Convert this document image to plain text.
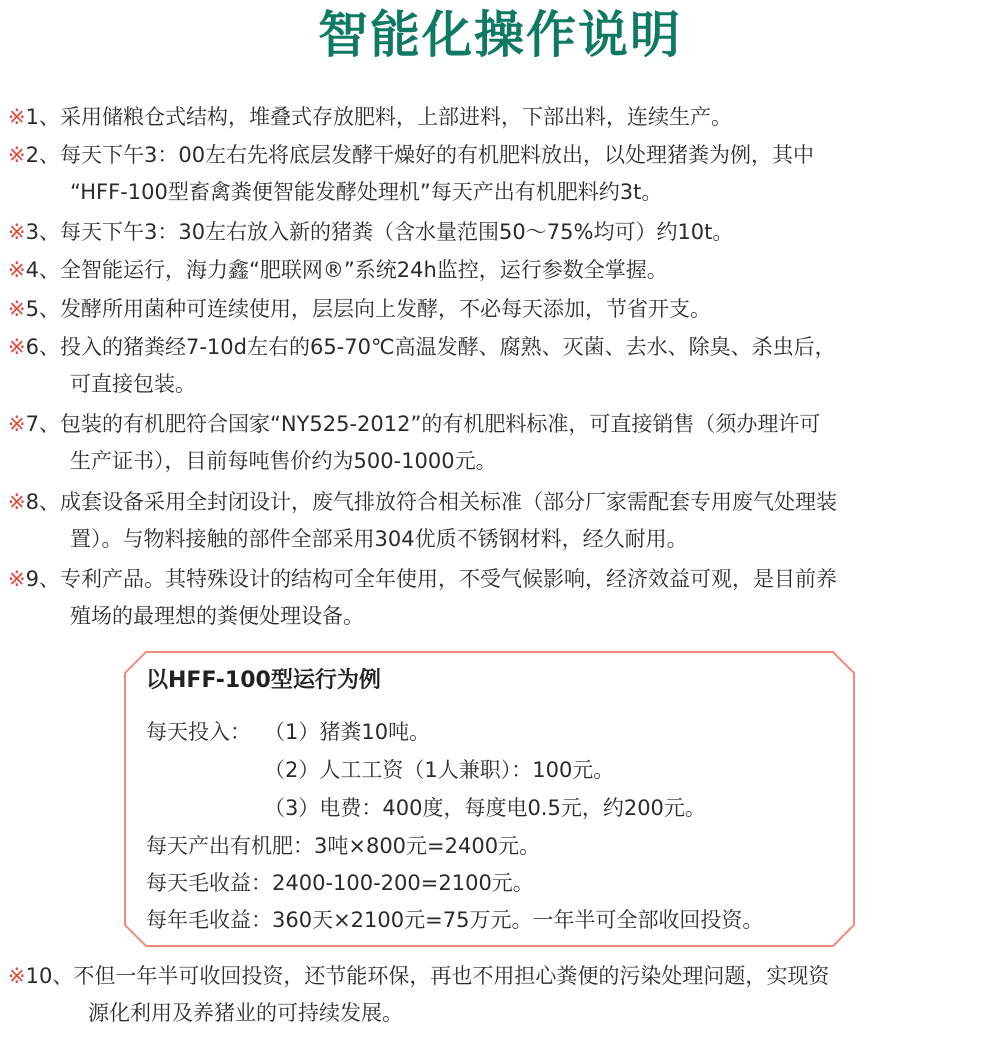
智能化操作说明
※1、采用储粮仓式结构，堆叠式存放肥料，上部进料，下部出料，连续生产。
※2、每天下午3：00左右先将底层发酵干燥好的有机肥料放出，以处理猪粪为例，其中
“HFF-100型畜禽粪便智能发酵处理机”每天产出有机肥料约3t。
※3、每天下午3：30左右放入新的猪粪（含水量范围50～75%均可）约10t。
※4、全智能运行，海力鑫“肥联网®”系统24h监控，运行参数全掌握。
※5、发酵所用菌种可连续使用，层层向上发酵，不必每天添加，节省开支。
※6、投入的猪粪经7-10d左右的65-70℃高温发酵、腐熟、灭菌、去水、除臭、杀虫后，
可直接包装。
※7、包装的有机肥符合国家“NY525-2012”的有机肥料标准，可直接销售（须办理许可
生产证书），目前每吨售价约为500-1000元。
※8、成套设备采用全封闭设计，废气排放符合相关标准（部分厂家需配套专用废气处理装
置）。与物料接触的部件全部采用304优质不锈钢材料，经久耐用。
※9、专利产品。其特殊设计的结构可全年使用，不受气候影响，经济效益可观，是目前养
殖场的最理想的粪便处理设备。
以HFF-100型运行为例
每天投入： （1）猪粪10吨。
（2）人工工资（1人兼职）：100元。
（3）电费：400度，每度电0.5元，约200元。
每天产出有机肥：3吨×800元=2400元。
每天毛收益：2400-100-200=2100元。
每年毛收益：360天×2100元=75万元。一年半可全部收回投资。
※10、不但一年半可收回投资，还节能环保，再也不用担心粪便的污染处理问题，实现资
源化利用及养猪业的可持续发展。
